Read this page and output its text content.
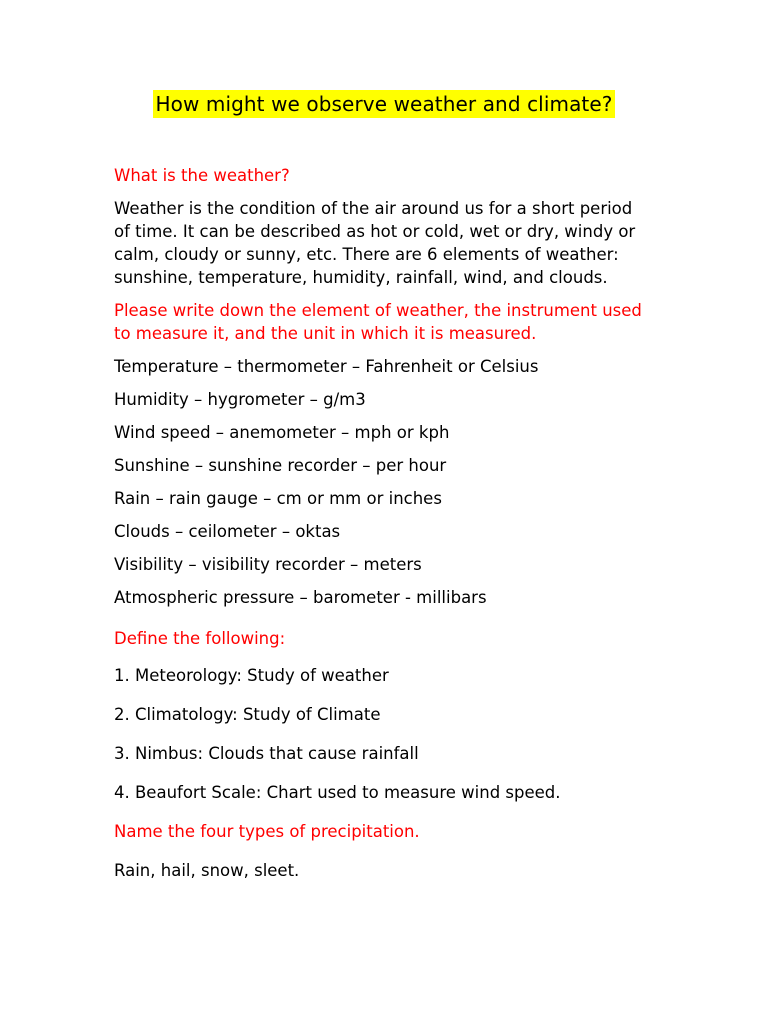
How might we observe weather and climate?

What is the weather?

Weather is the condition of the air around us for a short period of time. It can be described as hot or cold, wet or dry, windy or calm, cloudy or sunny, etc. There are 6 elements of weather: sunshine, temperature, humidity, rainfall, wind, and clouds.

Please write down the element of weather, the instrument used to measure it, and the unit in which it is measured.

Temperature – thermometer – Fahrenheit or Celsius

Humidity – hygrometer – g/m3

Wind speed – anemometer – mph or kph

Sunshine – sunshine recorder – per hour

Rain – rain gauge – cm or mm or inches

Clouds – ceilometer – oktas

Visibility – visibility recorder – meters

Atmospheric pressure – barometer - millibars

Define the following:

1. Meteorology: Study of weather

2. Climatology: Study of Climate

3. Nimbus: Clouds that cause rainfall

4. Beaufort Scale: Chart used to measure wind speed.

Name the four types of precipitation.

Rain, hail, snow, sleet.
